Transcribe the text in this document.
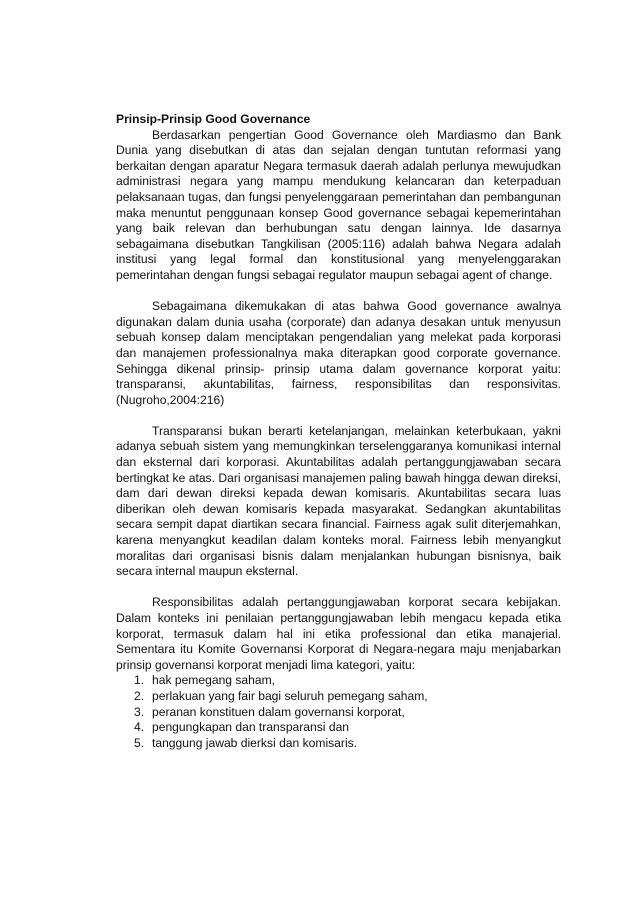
Prinsip-Prinsip Good Governance

Berdasarkan pengertian Good Governance oleh Mardiasmo dan Bank Dunia yang disebutkan di atas dan sejalan dengan tuntutan reformasi yang berkaitan dengan aparatur Negara termasuk daerah adalah perlunya mewujudkan administrasi negara yang mampu mendukung kelancaran dan keterpaduan pelaksanaan tugas, dan fungsi penyelenggaraan pemerintahan dan pembangunan maka menuntut penggunaan konsep Good governance sebagai kepemerintahan yang baik relevan dan berhubungan satu dengan lainnya. Ide dasarnya sebagaimana disebutkan Tangkilisan (2005:116) adalah bahwa Negara adalah institusi yang legal formal dan konstitusional yang menyelenggarakan pemerintahan dengan fungsi sebagai regulator maupun sebagai agent of change.

Sebagaimana dikemukakan di atas bahwa Good governance awalnya digunakan dalam dunia usaha (corporate) dan adanya desakan untuk menyusun sebuah konsep dalam menciptakan pengendalian yang melekat pada korporasi dan manajemen professionalnya maka diterapkan good corporate governance. Sehingga dikenal prinsip- prinsip utama dalam governance korporat yaitu: transparansi, akuntabilitas, fairness, responsibilitas dan responsivitas. (Nugroho,2004:216)

Transparansi bukan berarti ketelanjangan, melainkan keterbukaan, yakni adanya sebuah sistem yang memungkinkan terselenggaranya komunikasi internal dan eksternal dari korporasi. Akuntabilitas adalah pertanggungjawaban secara bertingkat ke atas. Dari organisasi manajemen paling bawah hingga dewan direksi, dam dari dewan direksi kepada dewan komisaris. Akuntabilitas secara luas diberikan oleh dewan komisaris kepada masyarakat. Sedangkan akuntabilitas secara sempit dapat diartikan secara financial. Fairness agak sulit diterjemahkan, karena menyangkut keadilan dalam konteks moral. Fairness lebih menyangkut moralitas dari organisasi bisnis dalam menjalankan hubungan bisnisnya, baik secara internal maupun eksternal.

Responsibilitas adalah pertanggungjawaban korporat secara kebijakan. Dalam konteks ini penilaian pertanggungjawaban lebih mengacu kepada etika korporat, termasuk dalam hal ini etika professional dan etika manajerial. Sementara itu Komite Governansi Korporat di Negara-negara maju menjabarkan prinsip governansi korporat menjadi lima kategori, yaitu:

1. hak pemegang saham,
2. perlakuan yang fair bagi seluruh pemegang saham,
3. peranan konstituen dalam governansi korporat,
4. pengungkapan dan transparansi dan
5. tanggung jawab dierksi dan komisaris.
